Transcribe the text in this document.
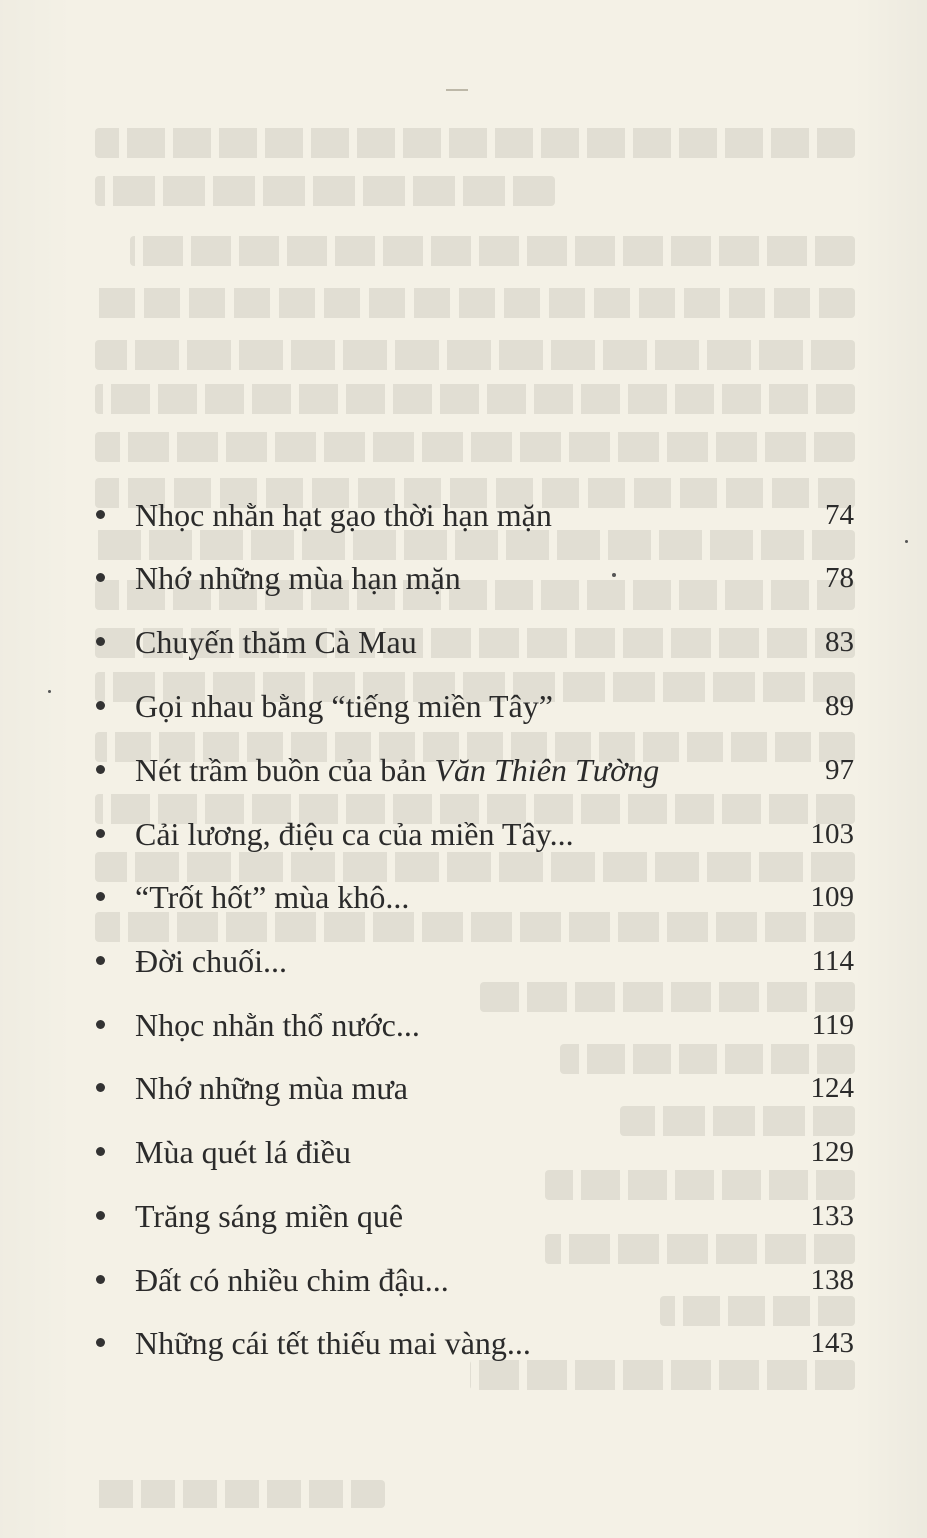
Nhọc nhằn hạt gạo thời hạn mặn	74
Nhớ những mùa hạn mặn	78
Chuyến thăm Cà Mau	83
Gọi nhau bằng “tiếng miền Tây”	89
Nét trầm buồn của bản Văn Thiên Tường	97
Cải lương, điệu ca của miền Tây...	103
“Trốt hốt” mùa khô...	109
Đời chuối...	114
Nhọc nhằn thổ nước...	119
Nhớ những mùa mưa	124
Mùa quét lá điều	129
Trăng sáng miền quê	133
Đất có nhiều chim đậu...	138
Những cái tết thiếu mai vàng...	143
